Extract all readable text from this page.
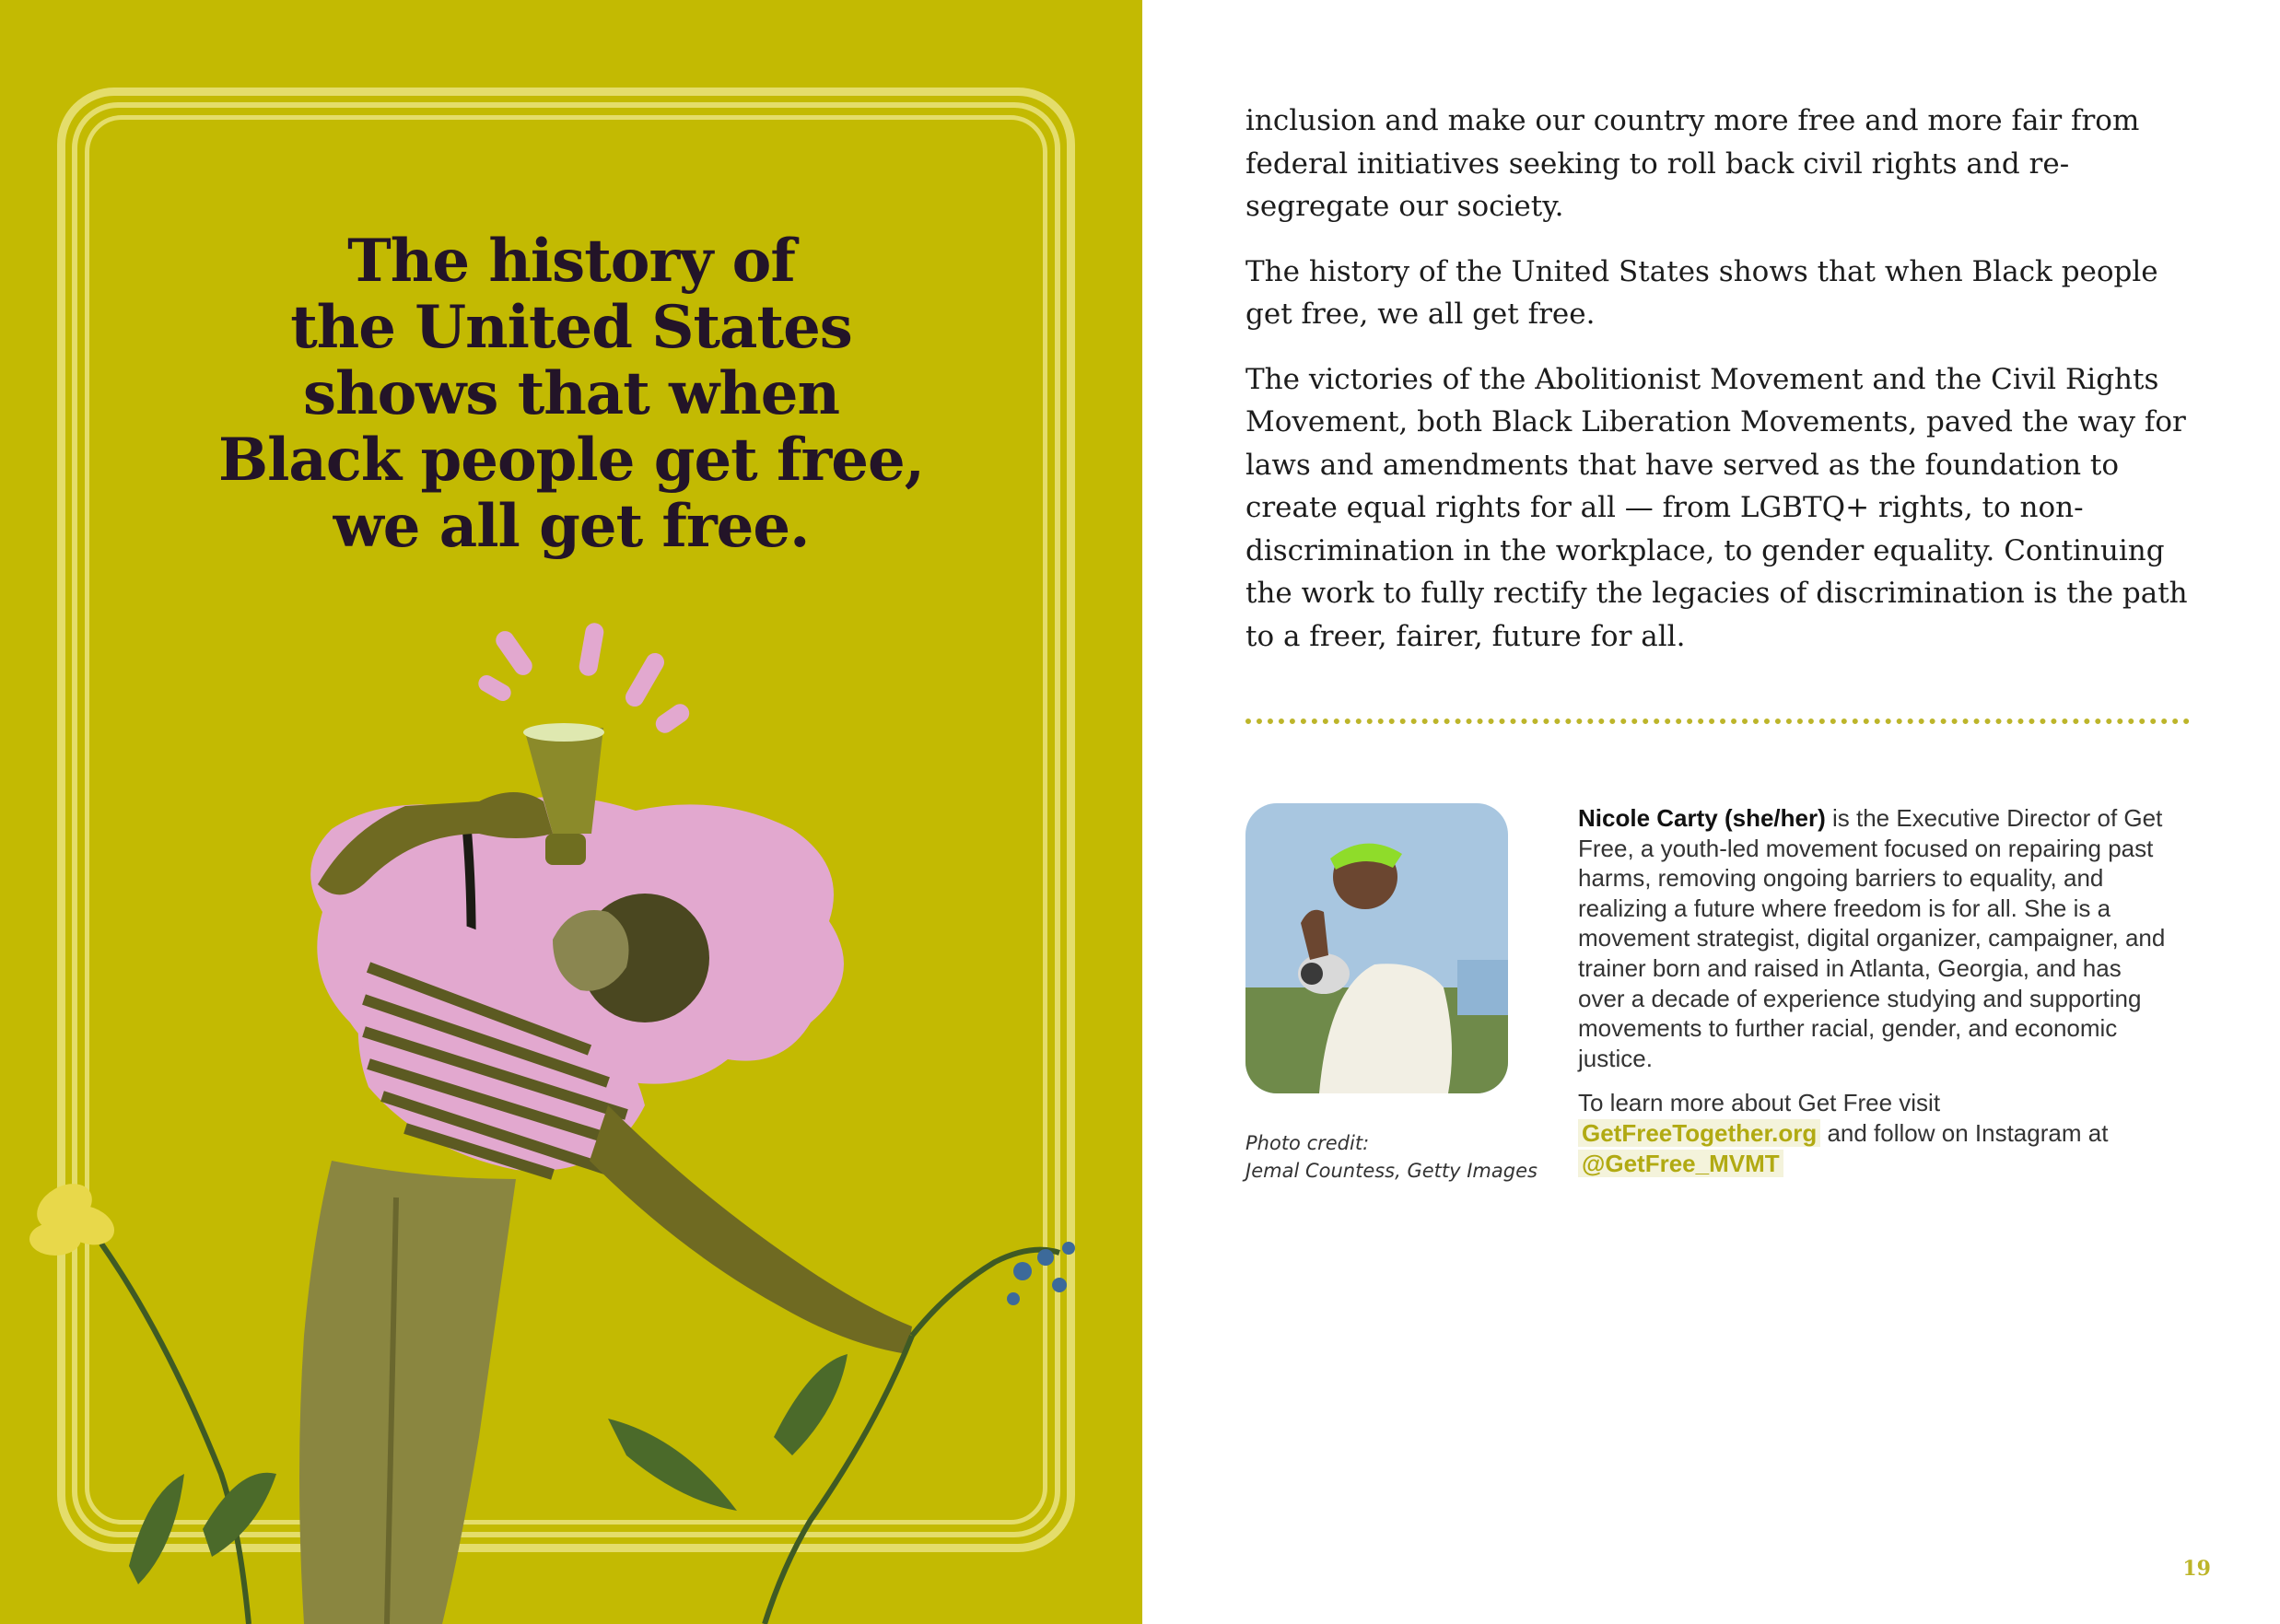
The history of
the United States
shows that when
Black people get free,
we all get free.

inclusion and make our country more free and more fair from federal initiatives seeking to roll back civil rights and re-segregate our society.

The history of the United States shows that when Black people get free, we all get free.

The victories of the Abolitionist Movement and the Civil Rights Movement, both Black Liberation Movements, paved the way for laws and amendments that have served as the foundation to create equal rights for all — from LGBTQ+ rights, to non-discrimination in the workplace, to gender equality. Continuing the work to fully rectify the legacies of discrimination is the path to a freer, fairer, future for all.

Photo credit:
Jemal Countess, Getty Images

Nicole Carty (she/her) is the Executive Director of Get Free, a youth-led movement focused on repairing past harms, removing ongoing barriers to equality, and realizing a future where freedom is for all. She is a movement strategist, digital organizer, campaigner, and trainer born and raised in Atlanta, Georgia, and has over a decade of experience studying and supporting movements to further racial, gender, and economic justice.

To learn more about Get Free visit GetFreeTogether.org and follow on Instagram at @GetFree_MVMT

19
